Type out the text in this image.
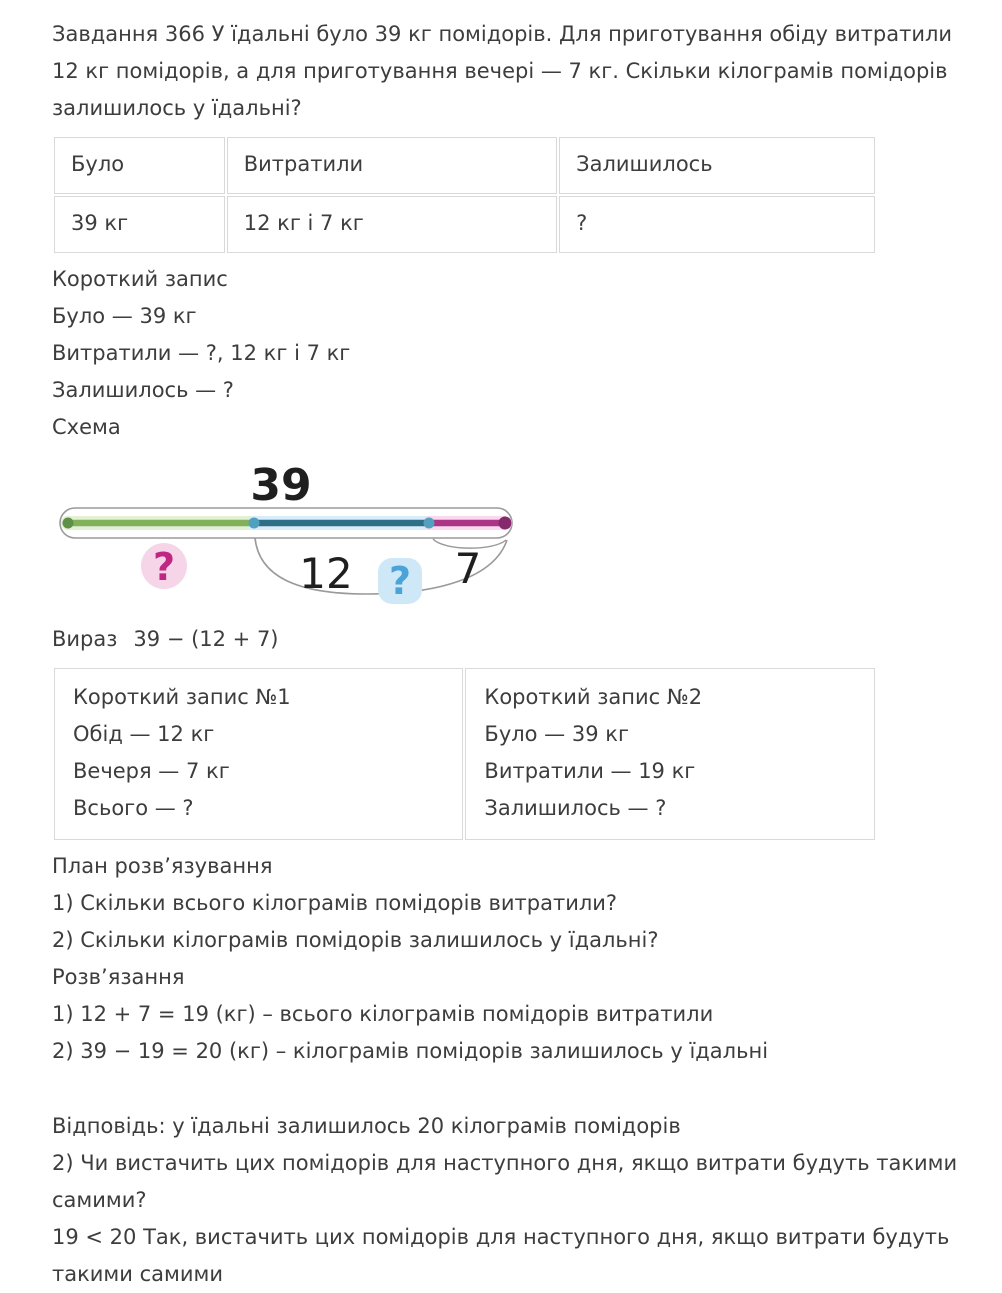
Завдання 366 У їдальні було 39 кг помідорів. Для приготування обіду витратили 12 кг помідорів, а для приготування вечері — 7 кг. Скільки кілограмів помідорів залишилось у їдальні?
Було	Витратили	Залишилось
39 кг	12 кг і 7 кг	?
Короткий запис
Було — 39 кг
Витратили — ?, 12 кг і 7 кг
Залишилось — ?
Схема
39
?	12 ? 7
Вираз 39 − (12 + 7)
Короткий запис №1
Обід — 12 кг
Вечеря — 7 кг
Всього — ?

Короткий запис №2
Було — 39 кг
Витратили — 19 кг
Залишилось — ?
План розв’язування
1) Скільки всього кілограмів помідорів витратили?
2) Скільки кілограмів помідорів залишилось у їдальні?
Розв’язання
1) 12 + 7 = 19 (кг) – всього кілограмів помідорів витратили
2) 39 − 19 = 20 (кг) – кілограмів помідорів залишилось у їдальні
Відповідь: у їдальні залишилось 20 кілограмів помідорів
2) Чи вистачить цих помідорів для наступного дня, якщо витрати будуть такими самими?
19 < 20 Так, вистачить цих помідорів для наступного дня, якщо витрати будуть такими самими
